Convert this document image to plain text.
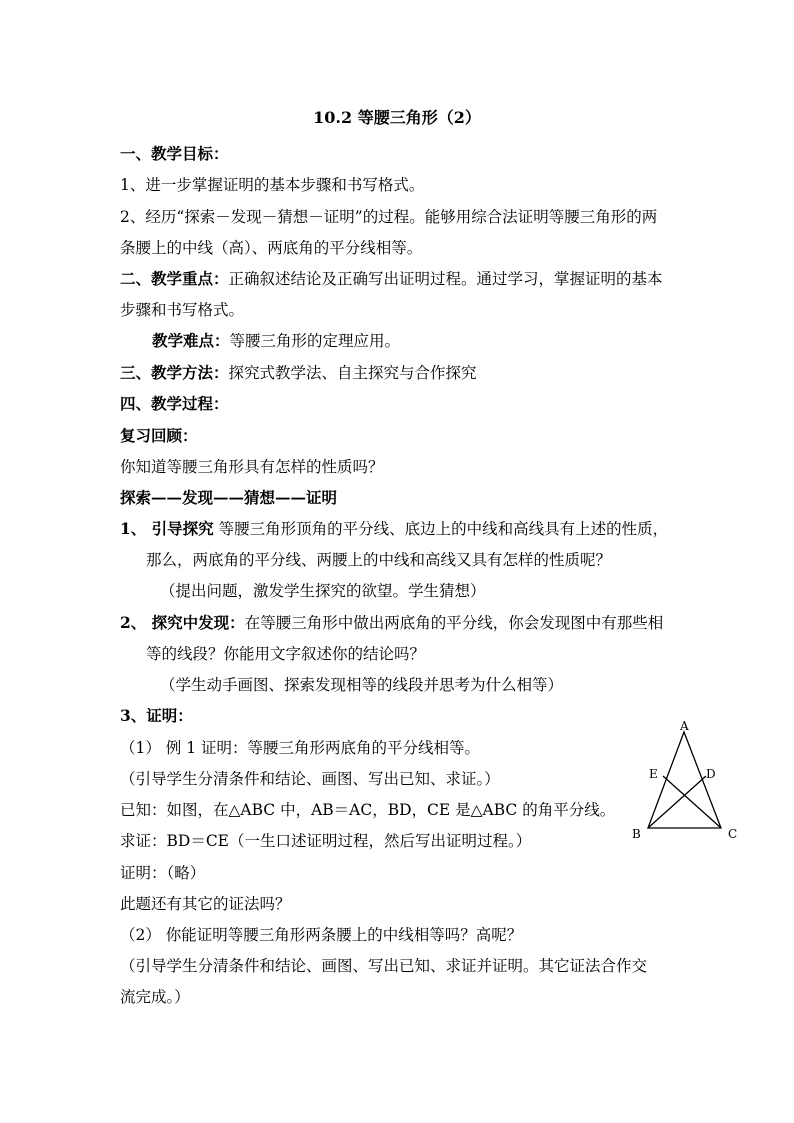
10.2 等腰三角形（2）
一、教学目标：
1、进一步掌握证明的基本步骤和书写格式。
2、经历“探索－发现－猜想－证明”的过程。能够用综合法证明等腰三角形的两
条腰上的中线（高）、两底角的平分线相等。
二、教学重点：正确叙述结论及正确写出证明过程。通过学习，掌握证明的基本
步骤和书写格式。
教学难点：等腰三角形的定理应用。
三、教学方法：探究式教学法、自主探究与合作探究
四、教学过程：
复习回顾：
你知道等腰三角形具有怎样的性质吗？
探索——发现——猜想——证明
1、 引导探究 等腰三角形顶角的平分线、底边上的中线和高线具有上述的性质，
那么，两底角的平分线、两腰上的中线和高线又具有怎样的性质呢？
（提出问题，激发学生探究的欲望。学生猜想）
2、 探究中发现：在等腰三角形中做出两底角的平分线，你会发现图中有那些相
等的线段？你能用文字叙述你的结论吗？
（学生动手画图、探索发现相等的线段并思考为什么相等）
3、证明：
（1） 例 1 证明：等腰三角形两底角的平分线相等。
（引导学生分清条件和结论、画图、写出已知、求证。）
已知：如图，在△ABC 中，AB＝AC，BD，CE 是△ABC 的角平分线。
求证：BD＝CE（一生口述证明过程，然后写出证明过程。）
证明：（略）
此题还有其它的证法吗？
（2） 你能证明等腰三角形两条腰上的中线相等吗？高呢？
（引导学生分清条件和结论、画图、写出已知、求证并证明。其它证法合作交
流完成。）
A
B	C
D
E
